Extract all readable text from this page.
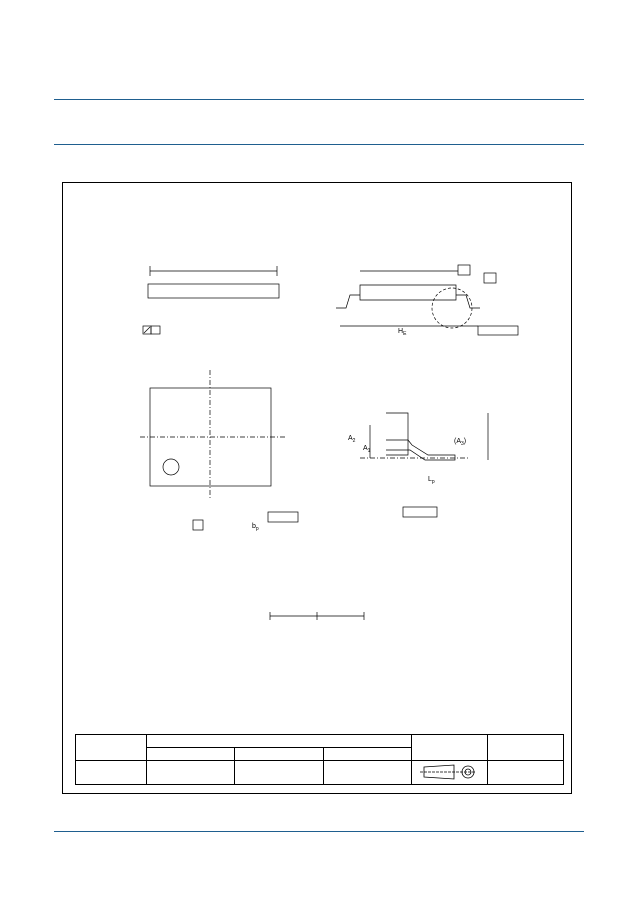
$H_E$
$b_p$
$A_2$
$A_1$
$(A_3)$
$L_p$
